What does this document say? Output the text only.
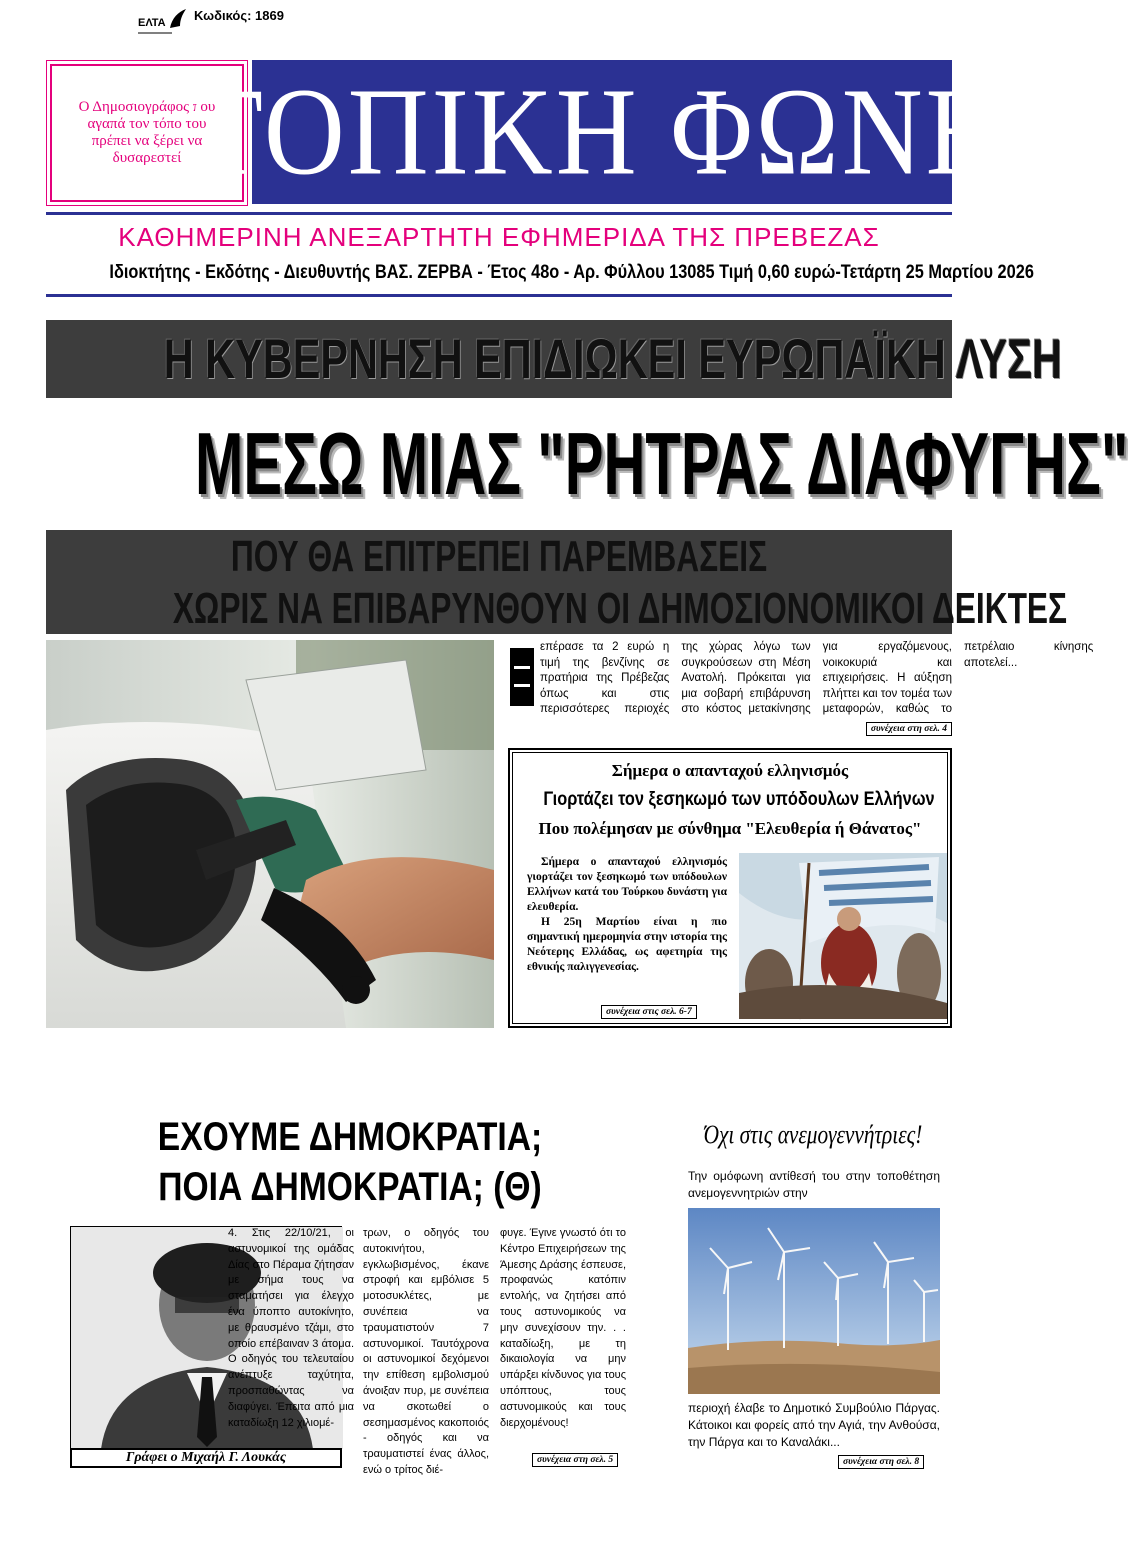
ΕΛΤΑ Κωδικός: 1869
Ο Δημοσιογράφος που αγαπά τον τόπο του πρέπει να ξέρει να δυσαρεστεί ΤΟΠΙΚΗ ΦΩΝΗ
ΚΑΘΗΜΕΡΙΝΗ ΑΝΕΞΑΡΤΗΤΗ ΕΦΗΜΕΡΙΔΑ ΤΗΣ ΠΡΕΒΕΖΑΣ
Ιδιοκτήτης - Εκδότης - Διευθυντής ΒΑΣ. ΖΕΡΒΑ - Έτος 48ο - Αρ. Φύλλου 13085 Τιμή 0,60 ευρώ-Τετάρτη 25 Μαρτίου 2026
Η ΚΥΒΕΡΝΗΣΗ ΕΠΙΔΙΩΚΕΙ ΕΥΡΩΠΑΪΚΗ ΛΥΣΗ
ΜΕΣΩ ΜΙΑΣ "ΡΗΤΡΑΣ ΔΙΑΦΥΓΗΣ"
ΠΟΥ ΘΑ ΕΠΙΤΡΕΠΕΙ ΠΑΡΕΜΒΑΣΕΙΣ
ΧΩΡΙΣ ΝΑ ΕΠΙΒΑΡΥΝΘΟΥΝ ΟΙ ΔΗΜΟΣΙΟΝΟΜΙΚΟΙ ΔΕΙΚΤΕΣ
επέρασε τα 2 ευρώ η τιμή της βενζίνης σε πρατήρια της Πρέβεζας όπως και στις περισσότερες περιοχές της χώρας λόγω των συγκρούσεων στη Μέση Ανατολή. Πρόκειται για μια σοβαρή επιβάρυνση στο κόστος μετακίνησης για εργαζόμενους, νοικοκυριά και επιχειρήσεις. Η αύξηση πλήττει και τον τομέα των μεταφορών, καθώς το πετρέλαιο κίνησης αποτελεί...
συνέχεια στη σελ. 4
Σήμερα ο απανταχού ελληνισμός
Γιορτάζει τον ξεσηκωμό των υπόδουλων Ελλήνων
Που πολέμησαν με σύνθημα "Ελευθερία ή Θάνατος"

Σήμερα ο απανταχού ελληνισμός γιορτάζει τον ξεσηκωμό των υπόδουλων Ελλήνων κατά του Τούρκου δυνάστη για ελευθερία.

Η 25η Μαρτίου είναι η πιο σημαντική ημερομηνία στην ιστορία της Νεότερης Ελλάδας, ως αφετηρία της εθνικής παλιγγενεσίας.

συνέχεια στις σελ. 6-7
ΕΧΟΥΜΕ ΔΗΜΟΚΡΑΤΙΑ;
ΠΟΙΑ ΔΗΜΟΚΡΑΤΙΑ; (Θ)
Γράφει ο Μιχαήλ Γ. Λουκάς
4. Στις 22/10/21, οι αστυνομικοί της ομάδας Δίας στο Πέραμα ζήτησαν με σήμα τους να σταματήσει για έλεγχο ένα ύποπτο αυτοκίνητο, με θραυσμένο τζάμι, στο οποίο επέβαιναν 3 άτομα. Ο οδηγός του τελευταίου ανέπτυξε ταχύτητα, προσπαθώντας να διαφύγει. Έπειτα από μια καταδίωξη 12 χιλιομέ-
τρων, ο οδηγός του αυτοκινήτου, εγκλωβισμένος, έκανε στροφή και εμβόλισε 5 μοτοσυκλέτες, με συνέπεια να τραυματιστούν 7 αστυνομικοί. Ταυτόχρονα οι αστυνομικοί δεχόμενοι την επίθεση εμβολισμού άνοιξαν πυρ, με συνέπεια να σκοτωθεί ο σεσημασμένος κακοποιός - οδηγός και να τραυματιστεί ένας άλλος, ενώ ο τρίτος διέ-
φυγε. Έγινε γνωστό ότι το Κέντρο Επιχειρήσεων της Άμεσης Δράσης έσπευσε, προφανώς κατόπιν εντολής, να ζητήσει από τους αστυνομικούς να μην συνεχίσουν την. . . καταδίωξη, με τη δικαιολογία να μην υπάρξει κίνδυνος για τους υπόπτους, τους αστυνομικούς και τους διερχομένους!
συνέχεια στη σελ. 5
Όχι στις ανεμογεννήτριες!
Την ομόφωνη αντίθεσή του στην τοποθέτηση ανεμογεννητριών στην
περιοχή έλαβε το Δημοτικό Συμβούλιο Πάργας. Κάτοικοι και φορείς από την Αγιά, την Ανθούσα, την Πάργα και το Καναλάκι...
συνέχεια στη σελ. 8
